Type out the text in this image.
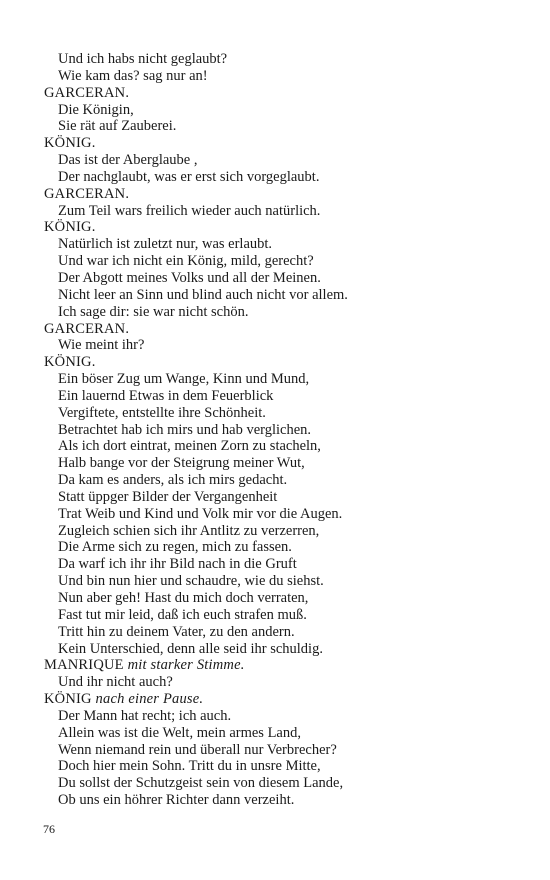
Und ich habs nicht geglaubt?
Wie kam das? sag nur an!
GARCERAN.
Die Königin,
Sie rät auf Zauberei.
KÖNIG.
Das ist der Aberglaube ,
Der nachglaubt, was er erst sich vorgeglaubt.
GARCERAN.
Zum Teil wars freilich wieder auch natürlich.
KÖNIG.
Natürlich ist zuletzt nur, was erlaubt.
Und war ich nicht ein König, mild, gerecht?
Der Abgott meines Volks und all der Meinen.
Nicht leer an Sinn und blind auch nicht vor allem.
Ich sage dir: sie war nicht schön.
GARCERAN.
Wie meint ihr?
KÖNIG.
Ein böser Zug um Wange, Kinn und Mund,
Ein lauernd Etwas in dem Feuerblick
Vergiftete, entstellte ihre Schönheit.
Betrachtet hab ich mirs und hab verglichen.
Als ich dort eintrat, meinen Zorn zu stacheln,
Halb bange vor der Steigrung meiner Wut,
Da kam es anders, als ich mirs gedacht.
Statt üppger Bilder der Vergangenheit
Trat Weib und Kind und Volk mir vor die Augen.
Zugleich schien sich ihr Antlitz zu verzerren,
Die Arme sich zu regen, mich zu fassen.
Da warf ich ihr ihr Bild nach in die Gruft
Und bin nun hier und schaudre, wie du siehst.
Nun aber geh! Hast du mich doch verraten,
Fast tut mir leid, daß ich euch strafen muß.
Tritt hin zu deinem Vater, zu den andern.
Kein Unterschied, denn alle seid ihr schuldig.
MANRIQUE mit starker Stimme.
Und ihr nicht auch?
KÖNIG nach einer Pause.
Der Mann hat recht; ich auch.
Allein was ist die Welt, mein armes Land,
Wenn niemand rein und überall nur Verbrecher?
Doch hier mein Sohn. Tritt du in unsre Mitte,
Du sollst der Schutzgeist sein von diesem Lande,
Ob uns ein höhrer Richter dann verzeiht.
76
